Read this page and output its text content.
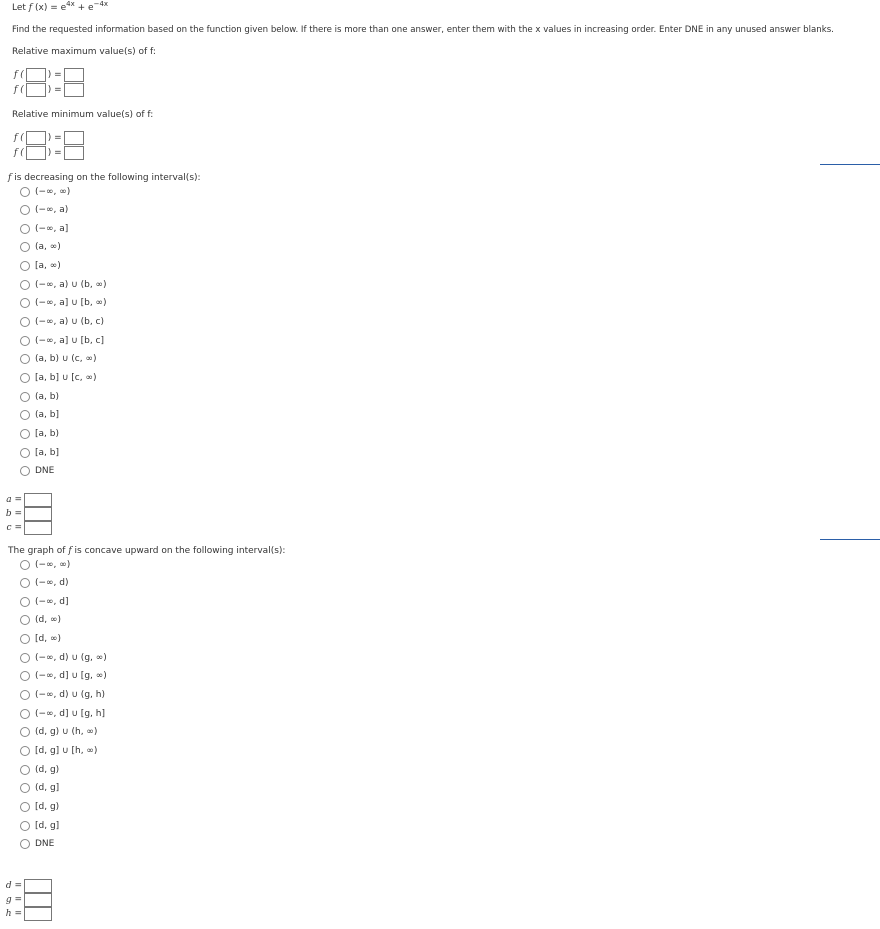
Let f $(x) = e^{4x} + e^{-4x}$
Find the requested information based on the function given below. If there is more than one answer, enter them with the x values in increasing order. Enter DNE in any unused answer blanks.
Relative maximum value(s) of f:
f (	) =
f (	) =
Relative minimum value(s) of f:
f (	) =
f (	) =
f is decreasing on the following interval(s):
(−∞, ∞)
(−∞, a)
(−∞, a]
(a, ∞)
[a, ∞)
(−∞, a) ∪ (b, ∞)
(−∞, a] ∪ [b, ∞)
(−∞, a) ∪ (b, c)
(−∞, a] ∪ [b, c]
(a, b) ∪ (c, ∞)
[a, b] ∪ [c, ∞)
(a, b)
(a, b]
[a, b)
[a, b]
DNE
a =
b =
c =
The graph of f is concave upward on the following interval(s):
(−∞, ∞)
(−∞, d)
(−∞, d]
(d, ∞)
[d, ∞)
(−∞, d) ∪ (g, ∞)
(−∞, d] ∪ [g, ∞)
(−∞, d) ∪ (g, h)
(−∞, d] ∪ [g, h]
(d, g) ∪ (h, ∞)
[d, g] ∪ [h, ∞)
(d, g)
(d, g]
[d, g)
[d, g]
DNE
d =
g =
h =
